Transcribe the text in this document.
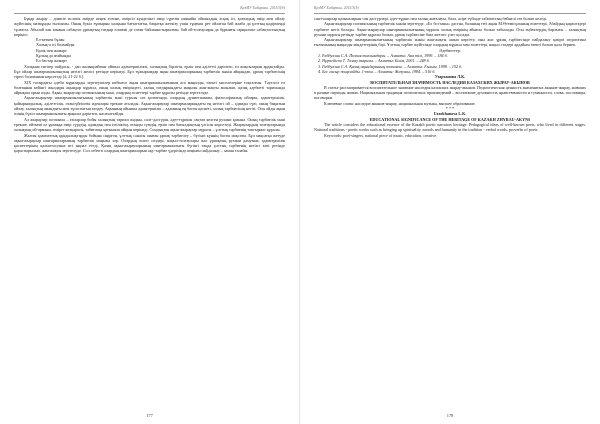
ҚазМУ Хабаршы. 2015/3(b)

Бұқар жырау – дінисіе ислатік өмірде кеңек есепке, өмірсіз күнделікті өмір сүретін шынайы ойшылдың асқақ ісі, қоғамдық өмір мен ойлау жүйесінің мазмұнды тылсымы. Оның бүкіл ғұмырын халқына бағыттаған, бақытқа жеткізу үшін тұңғыш рет ойлаған бай жазба да ұлттың қадірменді тұлғасы. Абылай хан заманы сабақтас ұрпақтың тағдыр өлшемі де соған байланыстырылған, бай ой-толғаулары да бұрынғы сарқылмас сабақтастықтың көрінісі.

Ел-кеткен бұлан

Халық-а ісі болмайды

Ерлік пен жомарт

Құлың да ағайынды

Ел бастар жомарт

Халқына тигізер пайдасы, - дап жалықпайтын ойшыл адамгершілікті, халықтың бірлігін, ерлік пен әділетті дәріптеп, ел жақсыларын ардақтайды. Бұл ойлар шығармашылықтың негізгі желісі ретінде көрінеді. Бұл тұжырымдар ақын шығармаларының тәрбиелік мәнін айқындап, ұрпақ тәрбиесінің тірегі болатынын көрсетеді [4, 21-22 б.].

XIX ғасырдағы әдеби мұраларды зерттеушілер көбінесе ақын шығармашылығының аса маңызды, өзекті мәселелеріне тоқталған. Тәуелсіз ел болғаннан кейінгі жылдары ақындар мұрасы, оның халық өміріндегі, халық тағдырындағы маңызы жан-жақты ашылып, қазақ әдебиеті тарихында айрықша орын алды. Ақын, жыраулар поэзиясының мәні, олардың өсиеттері тәрбие құралы ретінде зерттелуде.

Ақын-жыраулар шығармашылығының тәрбиелік мәні туралы сөз қозғағанда, олардың дүниетанымы, философиялық ойлары, адамгершілік, қайырымдылық, әділеттілік, отансүйгіштік идеялары ерекше аталады. Ақын-жыраулар шығармаларындағы ең негізгі ой – адамды сүю, оның бақытын ойлау, халықтың амандығы мен тұтастығын көздеу. Ақынның ойынша адамгершілік – адамның ең басты қасиеті, халық тәрбиесінің негізі. Осы ойды ақын өзінің бүкіл шығармашылығы арқылы дәріптеп, насихаттайды.

Ал жыраулар поэзиясы – ғасырлар бойы халықтың тарихи жадын, салт-дәстүрін, әдет-ғұрпын сақтап келген рухани қазына. Оның тәрбиелік мәні ерекше, өйткені ол ұрпаққа өмір сүрудің, адамдық пен ізгіліктің, отанды сүюдің, ерлік пен батылдықтың үлгісін көрсетеді. Жыраулардың толғауларында халықтың ой-арманы, өмірге көзқарасы, табиғатқа қатынасы айқын көрінеді. Сондықтан ақын-жыраулар мұрасы – ұлттық тәрбиенің таптырмас құралы.

Жалпы адамзаттық құндылықтарды бойына сіңірген, ұлттық санасы оянған ұрпақ тәрбиелеу – бүгінгі күннің басты мақсаты. Бұл мақсатқа жетуде ақын-жыраулар шығармаларының тәрбиелік маңызы зор. Олардың өсиет сөздері, нақыл-толғаулары жас ұрпақтың рухани дамуына, адамгершілік қасиеттерінің қалыптасуына игі ықпал етеді. Қазақ ақын-жырауларының шығармашылығы бүгінгі таңда ұлттық тәрбиенің негізгі көзі ретінде қарастырылып, жан-жақты зерттелуде. Сол себепті олардың шығармаларын оқу-тәрбие үдерісінде кеңінен пайдалану – заман талабы.

177
ҚазМУ Хабаршы. 2015/3(b)

сан-ғасырлар қазыналарын сан дастүрлері, әдет-ғұрып пен халық жағалауы, бала, әсіре түбінде табиғаттың бейнелі сөз болып келеді.

Ақын-жыраулар поэзиясының тәрбиелік мәнін зерттеуде, «Ел бостаны» дастан, баланың тегі ақын М.Өтемісұлының өсиеттері, Абайдың қарасөздері тәрбиеге негіз болады. Ақын-жыраулар шығармашылығының мұрасы халық өмірінің айнасы болып табылады. Осы еңбектердің барлығы – халықтың рухани мұрасы ретінде тәрбие құралы болып, ұрпақ тәрбиесіне баға жетпес үлес қосады.

Ақын-жыраулар шығармашылығының тәрбиелік мәнін жан-жақты ашып көрсету, оны жас ұрпақ тәрбиесінде пайдалану қазіргі педагогика ғылымының маңызды міндеттерінің бірі. Ұлттық тәрбие жүйесінде олардың мұрасы мен өсиеттері, нақыл сөздері әрдайым өзекті болып қала бермек.

Әдебиеттер:

1. Ғабдуллин С.А. Поэзия тағлымдары. – Алматы: Ана тілі, 1999. – 184 б.

2. Нұрпейісов Т. Толғау тарихы. – Алматы: Білім, 2001. – 248 б.

3. Ғабдуллин С.А. Қазақ ақындарының поэзиясы. – Алматы: Ғылым, 1998. – 152 б.

4. Бес ғасыр жырлайды. 1-том. – Алматы: Жазушы, 1984. – 516 б.

Узарханова Л.К.

ВОСПИТАТЕЛЬНАЯ ЗНАЧИМОСТЬ НАСЛЕДИЯ КАЗАХСКИХ ЖЫРАУ-АКЫНОВ

В статье рассматривается воспитательное значение наследия казахских жырау-акынов. Педагогическая ценность знаменитых акынов-жырау, живших в разные периоды жизни. Национальная традиция поэтических произведений – воспитание духовности, нравственности и гуманности, слова, пословицы, поговорки.

Ключевые слова: наследие акынов-жырау, национальная музыка, высшее образование.

* * *

Uzarkhanova L.K.

EDUCATIONAL SIGNIFICANCE OF THE HERITAGE OF KAZAKH ZHYRAU-AKYNS

The article considers the educational essence of the Kazakh poetic narrators heritage. Pedagogical ideas of well-known poets, who lived in different stages. National traditions - poetic works such as bringing up spirituality, morals and humanity in the tradition - verbal words, proverbs of poets.

Keywords: poet-singers, national piece of music, education, creative.

178
